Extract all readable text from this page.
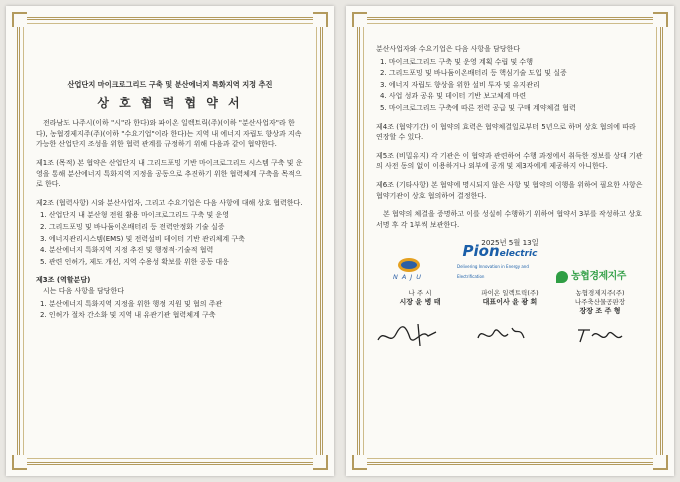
산업단지 마이크로그리드 구축 및 분산에너지 특화지역 지정 추진
상 호 협 력 협 약 서

전라남도 나주시(이하 "시"라 한다)와 파이온 일렉트릭(주)(이하 "분산사업자"라 한다), 농협경제지주(주)(이하 "수요기업"이라 한다)는 지역 내 에너지 자립도 향상과 지속가능한 산업단지 조성을 위한 협력 관계를 규정하기 위해 다음과 같이 협약한다.

제1조 (목적) 본 협약은 산업단지 내 그리드포밍 기반 마이크로그리드 시스템 구축 및 운영을 통해 분산에너지 특화지역 지정을 공동으로 추진하기 위한 협력체계 구축을 목적으로 한다.

제2조 (협력사항) 시와 분산사업자, 그리고 수요기업은 다음 사항에 대해 상호 협력한다.

1. 산업단지 내 분산형 전원 활용 마이크로그리드 구축 및 운영
2. 그리드포밍 및 바나듐이온배터리 등 전력안정화 기술 실증
3. 에너지관리시스템(EMS) 및 전력설비 데이터 기반 관리체계 구축
4. 분산에너지 특화지역 지정 추진 및 행정적·기술적 협력
5. 관련 인허가, 제도 개선, 지역 수용성 확보를 위한 공동 대응

제3조 (역할분담)

시는 다음 사항을 담당한다

1. 분산에너지 특화지역 지정을 위한 행정 지원 및 협의 주관
2. 인허가 절차 간소화 및 지역 내 유관기관 협력체계 구축

분산사업자와 수요기업은 다음 사항을 담당한다

1. 마이크로그리드 구축 및 운영 계획 수립 및 수행
2. 그리드포밍 및 바나듐이온배터리 등 핵심기술 도입 및 실증
3. 에너지 자립도 향상을 위한 설비 투자 및 유지관리
4. 사업 성과 공유 및 데이터 기반 보고체계 마련
5. 마이크로그리드 구축에 따른 전력 공급 및 구매 계약체결 협력

제4조 (협약기간) 이 협약의 효력은 협약체결일로부터 5년으로 하며 상호 협의에 따라 연장할 수 있다.

제5조 (비밀유지) 각 기관은 이 협약과 관련하여 수행 과정에서 취득한 정보를 상대 기관의 사전 동의 없이 이용하거나 외부에 공개 및 제3자에게 제공하지 아니한다.

제6조 (기타사항) 본 협약에 명시되지 않은 사항 및 협약의 이행을 위하여 필요한 사항은 협약기관이 상호 협의하여 결정한다.

본 협약의 체결을 증명하고 이를 성실히 수행하기 위하여 협약서 3부를 작성하고 상호 서명 후 각 1부씩 보관한다.

2025년 5월 13일
NAJU
Pionelectric
Delivering Innovation in Energy and Electrification	농협경제지주
나 주 시
시장 윤 병 태
파이온 일렉트릭(주)
대표이사 윤 광 희
농협경제지주(주)
나주축산물공판장
장장 조 주 형
